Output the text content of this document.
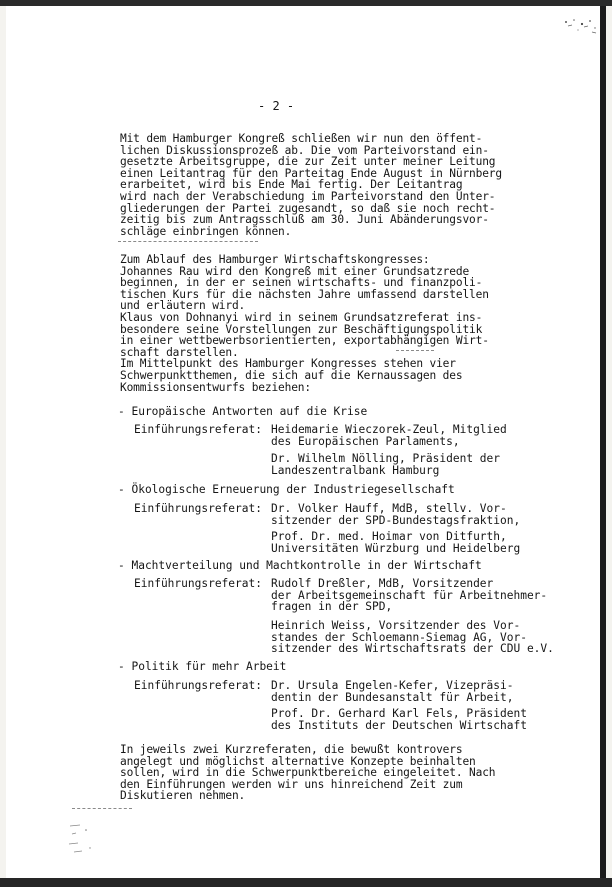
- 2 -

Mit dem Hamburger Kongreß schließen wir nun den öffent-
lichen Diskussionsprozeß ab. Die vom Parteivorstand ein-
gesetzte Arbeitsgruppe, die zur Zeit unter meiner Leitung
einen Leitantrag für den Parteitag Ende August in Nürnberg
erarbeitet, wird bis Ende Mai fertig. Der Leitantrag
wird nach der Verabschiedung im Parteivorstand den Unter-
gliederungen der Partei zugesandt, so daß sie noch recht-
zeitig bis zum Antragsschluß am 30. Juni Abänderungsvor-
schläge einbringen können.
Zum Ablauf des Hamburger Wirtschaftskongresses:
Johannes Rau wird den Kongreß mit einer Grundsatzrede
beginnen, in der er seinen wirtschafts- und finanzpoli-
tischen Kurs für die nächsten Jahre umfassend darstellen
und erläutern wird.
Klaus von Dohnanyi wird in seinem Grundsatzreferat ins-
besondere seine Vorstellungen zur Beschäftigungspolitik
in einer wettbewerbsorientierten, exportabhängigen Wirt-
schaft darstellen.
Im Mittelpunkt des Hamburger Kongresses stehen vier
Schwerpunktthemen, die sich auf die Kernaussagen des
Kommissionsentwurfs beziehen:
- Europäische Antworten auf die Krise
Einführungsreferat: Heidemarie Wieczorek-Zeul, Mitglied
des Europäischen Parlaments,
Dr. Wilhelm Nölling, Präsident der
Landeszentralbank Hamburg
- Ökologische Erneuerung der Industriegesellschaft
Einführungsreferat: Dr. Volker Hauff, MdB, stellv. Vor-
sitzender der SPD-Bundestagsfraktion,
Prof. Dr. med. Hoimar von Ditfurth,
Universitäten Würzburg und Heidelberg
- Machtverteilung und Machtkontrolle in der Wirtschaft
Einführungsreferat: Rudolf Dreßler, MdB, Vorsitzender
der Arbeitsgemeinschaft für Arbeitnehmer-
fragen in der SPD,
Heinrich Weiss, Vorsitzender des Vor-
standes der Schloemann-Siemag AG, Vor-
sitzender des Wirtschaftsrats der CDU e.V.
- Politik für mehr Arbeit
Einführungsreferat: Dr. Ursula Engelen-Kefer, Vizepräsi-
dentin der Bundesanstalt für Arbeit,
Prof. Dr. Gerhard Karl Fels, Präsident
des Instituts der Deutschen Wirtschaft
In jeweils zwei Kurzreferaten, die bewußt kontrovers
angelegt und möglichst alternative Konzepte beinhalten
sollen, wird in die Schwerpunktbereiche eingeleitet. Nach
den Einführungen werden wir uns hinreichend Zeit zum
Diskutieren nehmen.
